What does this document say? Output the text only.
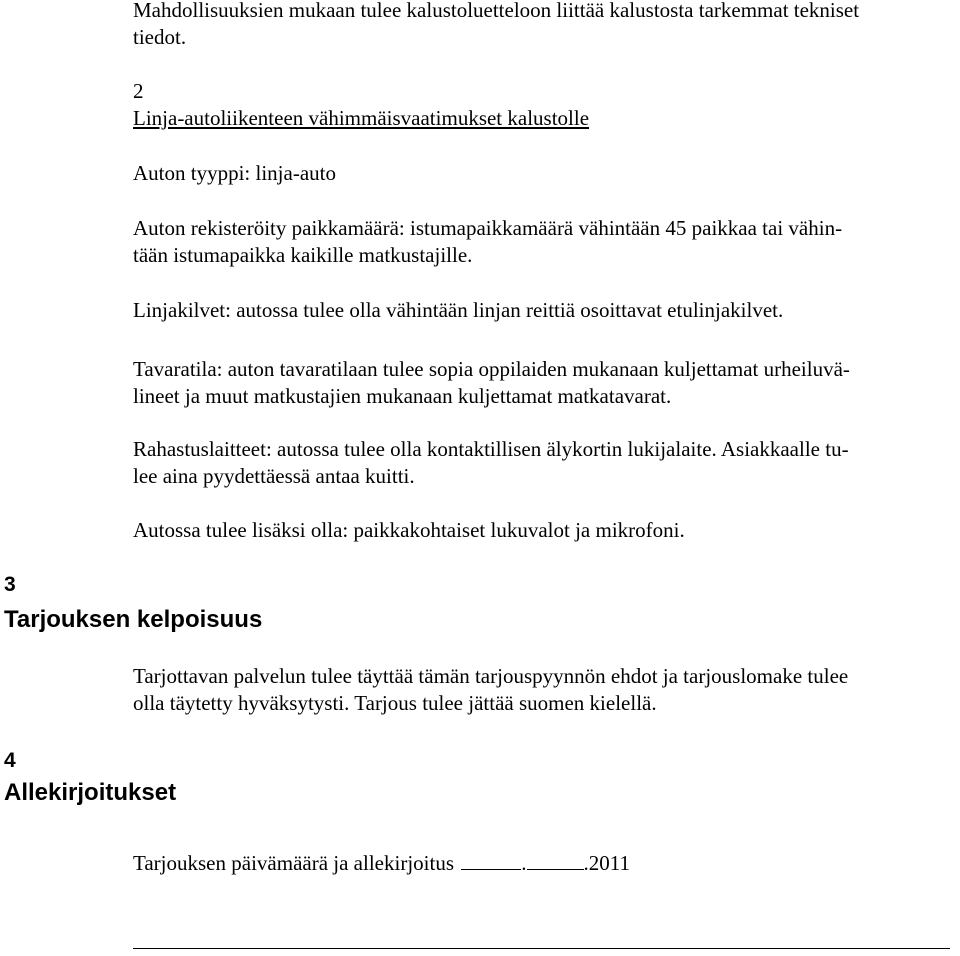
Mahdollisuuksien mukaan tulee kalustoluetteloon liittää kalustosta tarkemmat tekniset
tiedot.
2
Linja-autoliikenteen vähimmäisvaatimukset kalustolle
Auton tyyppi: linja-auto
Auton rekisteröity paikkamäärä: istumapaikkamäärä vähintään 45 paikkaa tai vähin-
tään istumapaikka kaikille matkustajille.
Linjakilvet: autossa tulee olla vähintään linjan reittiä osoittavat etulinjakilvet.
Tavaratila: auton tavaratilaan tulee sopia oppilaiden mukanaan kuljettamat urheiluvä-
lineet ja muut matkustajien mukanaan kuljettamat matkatavarat.
Rahastuslaitteet: autossa tulee olla kontaktillisen älykortin lukijalaite. Asiakkaalle tu-
lee aina pyydettäessä antaa kuitti.
Autossa tulee lisäksi olla: paikkakohtaiset lukuvalot ja mikrofoni.
3
Tarjouksen kelpoisuus
Tarjottavan palvelun tulee täyttää tämän tarjouspyynnön ehdot ja tarjouslomake tulee
olla täytetty hyväksytysti. Tarjous tulee jättää suomen kielellä.
4
Allekirjoitukset
Tarjouksen päivämäärä ja allekirjoitus	.	.2011
